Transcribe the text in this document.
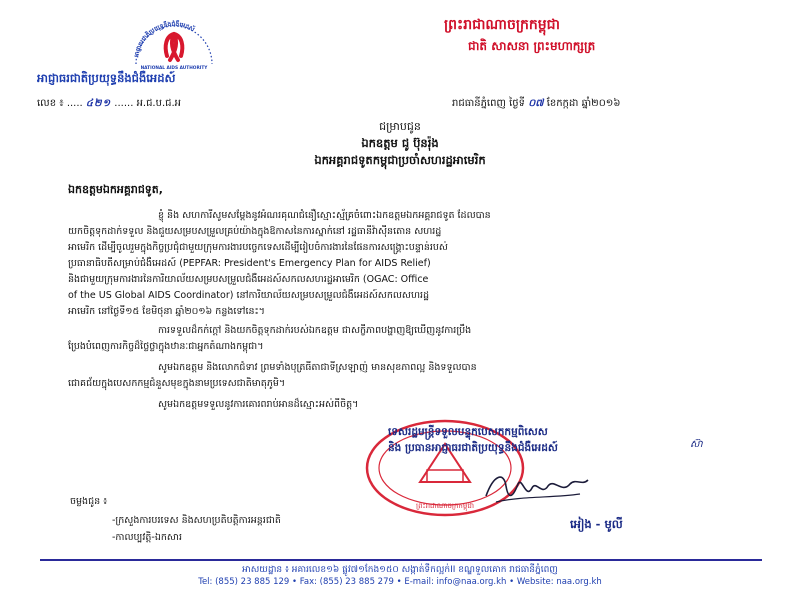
អាជ្ញាធរជាតិប្រយុទ្ធនឹងជំងឺអេដស៍
NATIONAL AIDS AUTHORITY
អាជ្ញាធរជាតិប្រយុទ្ធនឹងជំងឺអេដស៍
ព្រះរាជាណាចក្រកម្ពុជា
ជាតិ សាសនា ព្រះមហាក្សត្រ
លេខ ៖ ..... ៤២១ ...... អ.ជ.ប.ជ.អ	រាជធានីភ្នំពេញ ថ្ងៃទី ០៧ ខែកក្កដា ឆ្នាំ២០១៦
ជម្រាបជូន
ឯកឧត្តម ជូ ប៊ុនរ៉ុង
ឯកអគ្គរាជទូតកម្ពុជាប្រចាំសហរដ្ឋអាមេរិក
ឯកឧត្តមឯកអគ្គរាជទូត,
ខ្ញុំ និង សហការីសូមសម្តែងនូវអំណរគុណជំនឿស្មោះស្ម័គ្រចំពោះឯកឧត្តមឯកអគ្គរាជទូត ដែលបាន
យកចិត្តទុកដាក់ទទួល និងជួយសម្របសម្រួលគ្រប់យ៉ាងក្នុងឱកាសនៃការស្នាក់នៅ រដ្ឋធានីវ៉ាស៊ីនតោន សហរដ្ឋ
អាមេរិក ដើម្បីចូលរួមក្នុងកិច្ចប្រជុំជាមួយក្រុមការងារបច្ចេកទេសដើម្បីរៀបចំការងារនៃផែនការសង្គ្រោះបន្ទាន់របស់
ប្រធានាធិបតីសម្រាប់ជំងឺអេដស៍ (PEPFAR: President's Emergency Plan for AIDS Relief)
និងជាមួយក្រុមការងារនៃការិយាល័យសម្របសម្រួលជំងឺអេដស៍សកលសហរដ្ឋអាមេរិក (OGAC: Office
of the US Global AIDS Coordinator) នៅការិយាល័យសម្របសម្រួលជំងឺអេដស៍សកលសហរដ្ឋ
អាមេរិក នៅថ្ងៃទី១៥ ខែមិថុនា ឆ្នាំ២០១៦ កន្លងទៅនេះ។
ការទទួលដ៏កក់ក្តៅ និងយកចិត្តទុកដាក់របស់ឯកឧត្តម ជាសក្ខីភាពបង្ហាញឱ្យឃើញនូវការប្រឹង
ប្រែងបំពេញការកិច្ចដ៏ថ្លៃថ្លាក្នុងឋានៈជាអ្នកតំណាងកម្ពុជា។
សូមឯកឧត្តម និងលោកជំទាវ ព្រមទាំងបុត្រធីតាជាទីស្រឡាញ់ មានសុខភាពល្អ និងទទួលបាន
ជោគជ័យក្នុងបេសកកម្មជំនួសមុខក្នុងនាមប្រទេសជាតិមាតុភូមិ។
សូមឯកឧត្តមទទួលនូវការគោរពរាប់អានដ៏ស្មោះអស់ពីចិត្ត។
ព្រះរាជាណាចក្រកម្ពុជា
ទេសរដ្ឋមន្ត្រីទទួលបន្ទុកបេសកកម្មពិសេស
និង ប្រធានអាជ្ញាធរជាតិប្រយុទ្ធនឹងជំងឺអេដស៍	ស៊ា
អៀង - មូលី
ចម្លងជូន ៖
-ក្រសួងការបរទេស និងសហប្រតិបត្តិការអន្តរជាតិ
-កាលប្បវត្តិ-ឯកសារ
អាសយដ្ឋាន ៖ អគារលេខ១៦ ផ្លូវ៧១កែង១៥០ សង្កាត់ទឹកល្អក់II ខណ្ឌទួលគោក រាជធានីភ្នំពេញ
Tel: (855) 23 885 129 • Fax: (855) 23 885 279 • E-mail: info@naa.org.kh • Website: naa.org.kh
